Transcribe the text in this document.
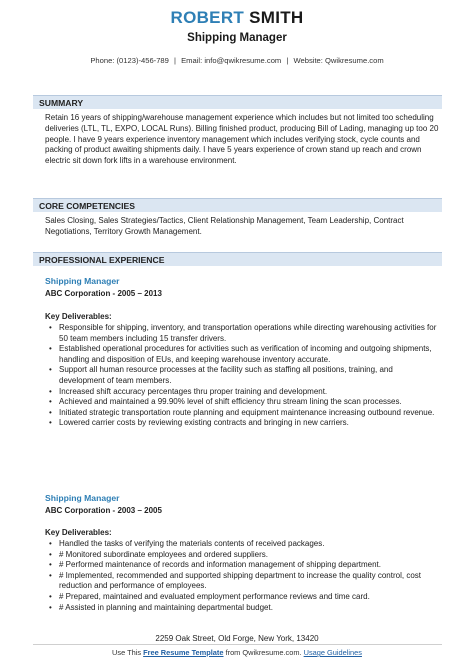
ROBERT SMITH
Shipping Manager
Phone: (0123)-456-789 | Email: info@qwikresume.com | Website: Qwikresume.com
SUMMARY
Retain 16 years of shipping/warehouse management experience which includes but not limited too scheduling deliveries (LTL, TL, EXPO, LOCAL Runs). Billing finished product, producing Bill of Lading, managing up too 20 people. I have 9 years experience inventory management which includes verifying stock, cycle counts and packing of product awaiting shipments daily. I have 5 years experience of crown stand up reach and crown electric sit down fork lifts in a warehouse environment.
CORE COMPETENCIES
Sales Closing, Sales Strategies/Tactics, Client Relationship Management, Team Leadership, Contract Negotiations, Territory Growth Management.
PROFESSIONAL EXPERIENCE
Shipping Manager
ABC Corporation - 2005 – 2013
Key Deliverables:
• Responsible for shipping, inventory, and transportation operations while directing warehousing activities for 50 team members including 15 transfer drivers.
• Established operational procedures for activities such as verification of incoming and outgoing shipments, handling and disposition of EUs, and keeping warehouse inventory accurate.
• Support all human resource processes at the facility such as staffing all positions, training, and development of team members.
• Increased shift accuracy percentages thru proper training and development.
• Achieved and maintained a 99.90% level of shift efficiency thru stream lining the scan processes.
• Initiated strategic transportation route planning and equipment maintenance increasing outbound revenue.
• Lowered carrier costs by reviewing existing contracts and bringing in new carriers.
Shipping Manager
ABC Corporation - 2003 – 2005
Key Deliverables:
• Handled the tasks of verifying the materials contents of received packages.
• # Monitored subordinate employees and ordered suppliers.
• # Performed maintenance of records and information management of shipping department.
• # Implemented, recommended and supported shipping department to increase the quality control, cost reduction and performance of employees.
• # Prepared, maintained and evaluated employment performance reviews and time card.
• # Assisted in planning and maintaining departmental budget.
2259 Oak Street, Old Forge, New York, 13420
Use This Free Resume Template from Qwikresume.com. Usage Guidelines
